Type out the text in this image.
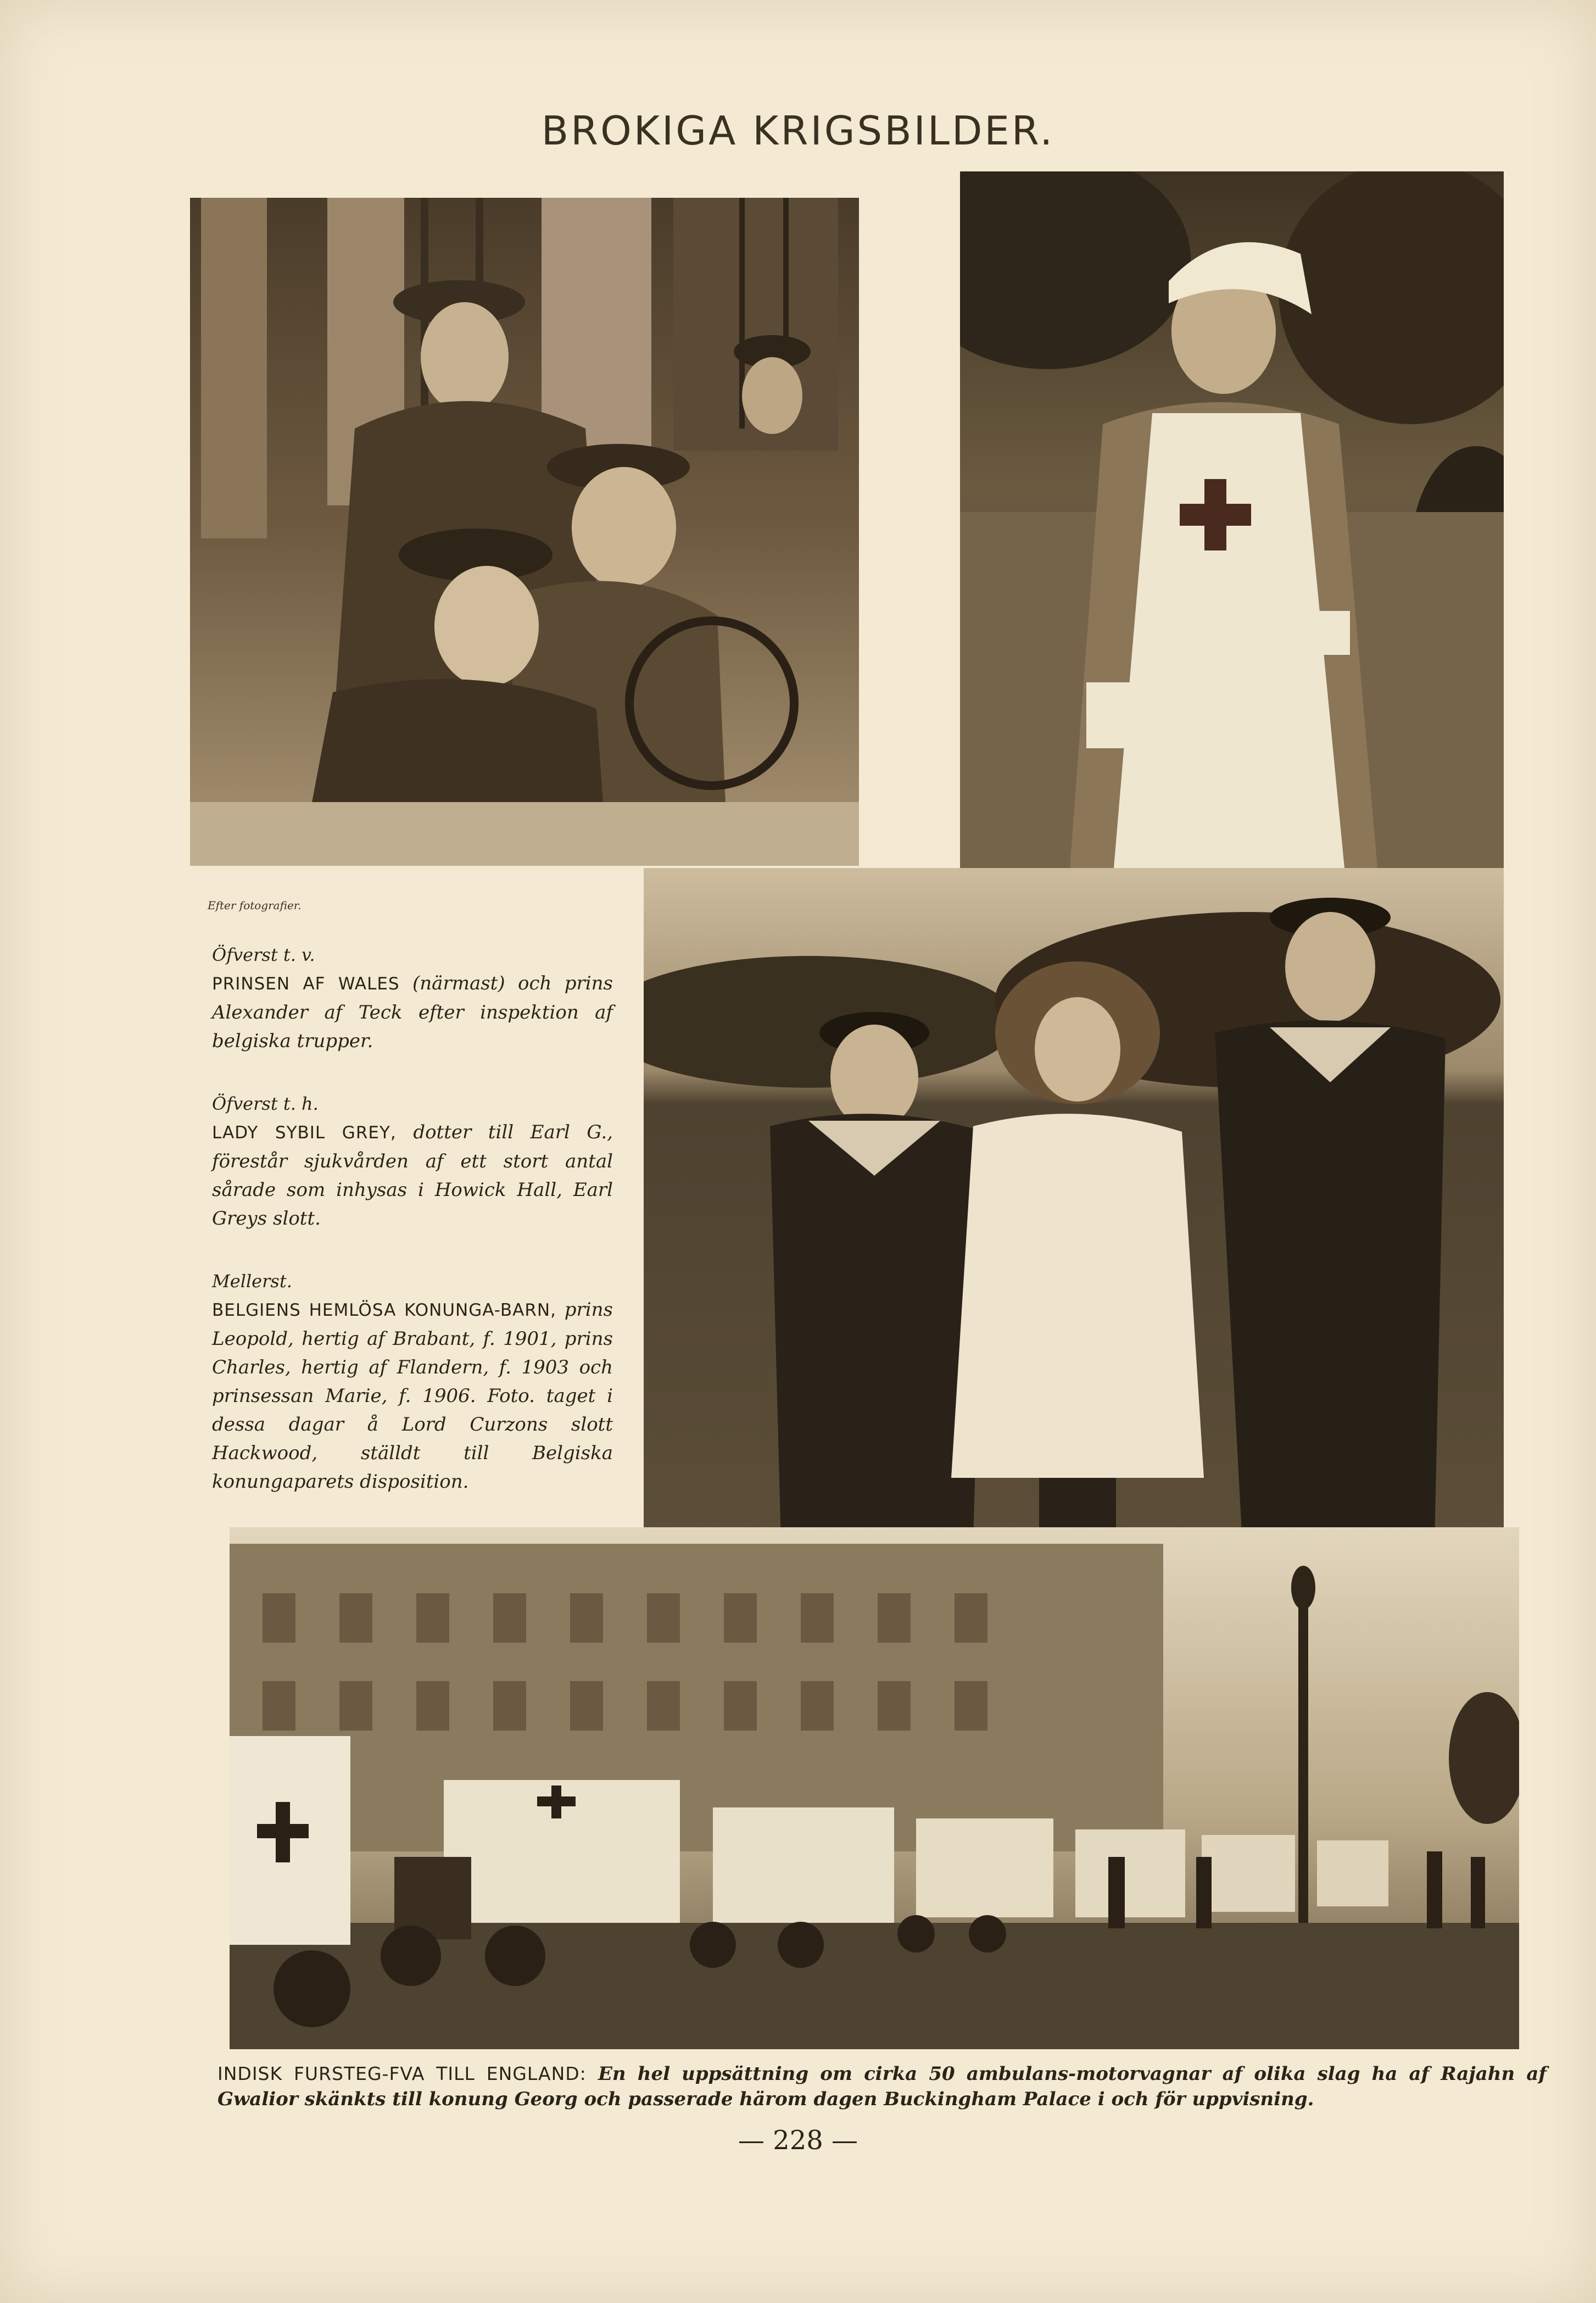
BROKIGA KRIGSBILDER.
Efter fotografier.
Öfverst t. v.
PRINSEN AF WALES (närmast) och prins Alexander af Teck efter inspektion af belgiska trupper.
Öfverst t. h.
LADY SYBIL GREY, dotter till Earl G., förestår sjukvården af ett stort antal sårade som inhysas i Howick Hall, Earl Greys slott.
Mellerst.
BELGIENS HEMLÖSA KONUNGA-BARN, prins Leopold, hertig af Brabant, f. 1901, prins Charles, hertig af Flandern, f. 1903 och prinsessan Marie, f. 1906. Foto. taget i dessa dagar å Lord Curzons slott Hackwood, ställdt till Belgiska konungaparets disposition.
INDISK FURSTEG-FVA TILL ENGLAND: En hel uppsättning om cirka 50 ambulans-motorvagnar af olika slag ha af Rajahn af Gwalior skänkts till konung Georg och passerade härom dagen Buckingham Palace i och för uppvisning.
— 228 —
